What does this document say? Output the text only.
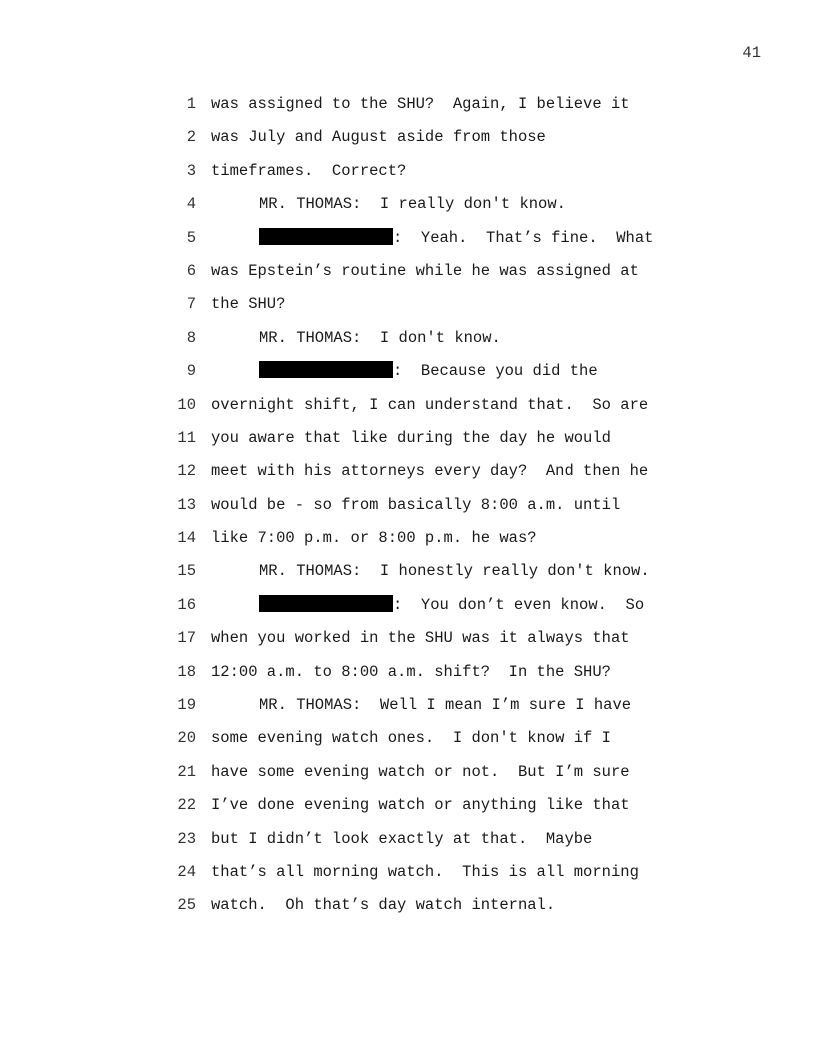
41
1 was assigned to the SHU?  Again, I believe it
2 was July and August aside from those
3 timeframes.  Correct?
4	MR. THOMAS:  I really don't know.
5	:  Yeah.  That’s fine.  What
6 was Epstein’s routine while he was assigned at
7 the SHU?
8	MR. THOMAS:  I don't know.
9	:  Because you did the
10 overnight shift, I can understand that.  So are
11 you aware that like during the day he would
12 meet with his attorneys every day?  And then he
13 would be - so from basically 8:00 a.m. until
14 like 7:00 p.m. or 8:00 p.m. he was?
15	MR. THOMAS:  I honestly really don't know.
16	:  You don’t even know.  So
17 when you worked in the SHU was it always that
18 12:00 a.m. to 8:00 a.m. shift?  In the SHU?
19	MR. THOMAS:  Well I mean I’m sure I have
20 some evening watch ones.  I don't know if I
21 have some evening watch or not.  But I’m sure
22 I’ve done evening watch or anything like that
23 but I didn’t look exactly at that.  Maybe
24 that’s all morning watch.  This is all morning
25 watch.  Oh that’s day watch internal.
